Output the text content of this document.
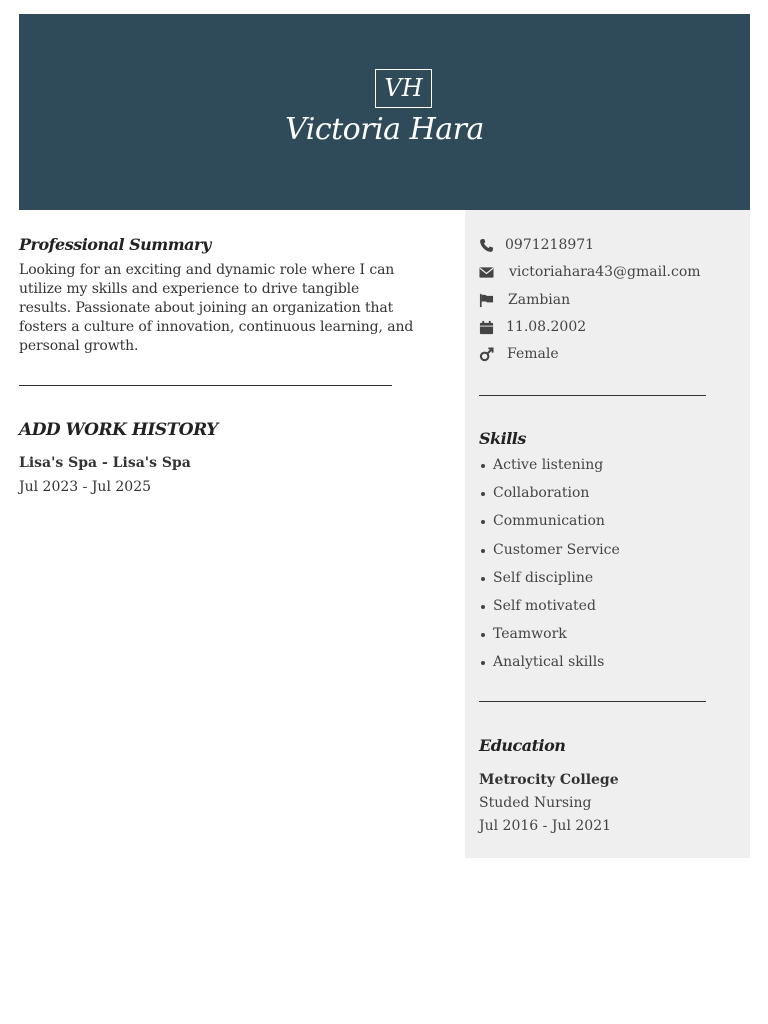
VH
Victoria Hara
Professional Summary
Looking for an exciting and dynamic role where I can utilize my skills and experience to drive tangible results. Passionate about joining an organization that fosters a culture of innovation, continuous learning, and personal growth.
ADD WORK HISTORY
Lisa's Spa - Lisa's Spa
Jul 2023 - Jul 2025
0971218971
victoriahara43@gmail.com
Zambian
11.08.2002
Female
Skills
Active listening
Collaboration
Communication
Customer Service
Self discipline
Self motivated
Teamwork
Analytical skills
Education
Metrocity College
Studed Nursing
Jul 2016 - Jul 2021
